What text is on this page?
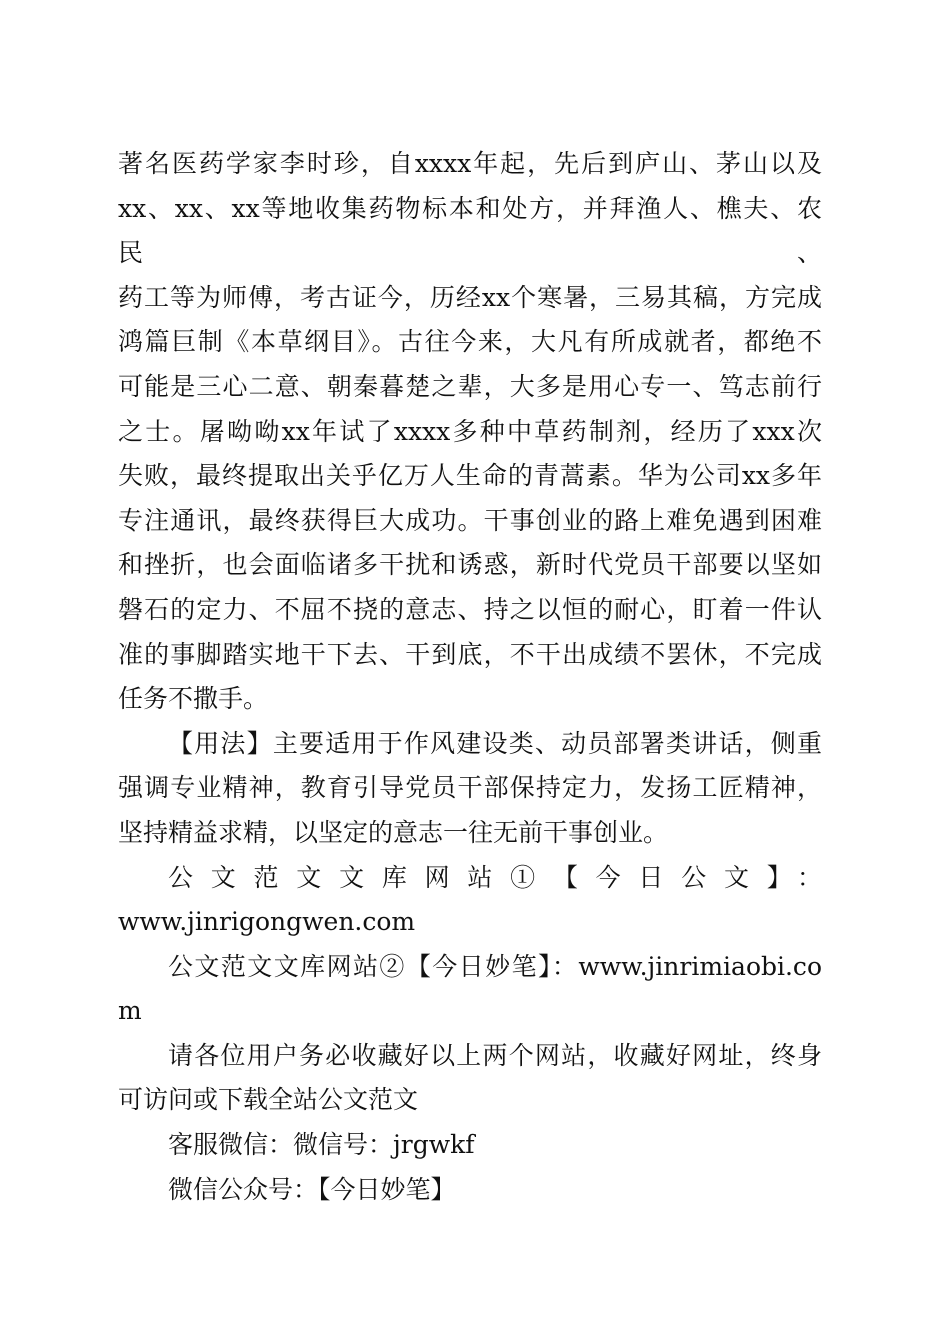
著名医药学家李时珍，自xxxx年起，先后到庐山、茅山以及
xx、xx、xx等地收集药物标本和处方，并拜渔人、樵夫、农民、
药工等为师傅，考古证今，历经xx个寒暑，三易其稿，方完成
鸿篇巨制《本草纲目》。古往今来，大凡有所成就者，都绝不
可能是三心二意、朝秦暮楚之辈，大多是用心专一、笃志前行
之士。屠呦呦xx年试了xxxx多种中草药制剂，经历了xxx次
失败，最终提取出关乎亿万人生命的青蒿素。华为公司xx多年
专注通讯，最终获得巨大成功。干事创业的路上难免遇到困难
和挫折，也会面临诸多干扰和诱惑，新时代党员干部要以坚如
磐石的定力、不屈不挠的意志、持之以恒的耐心，盯着一件认
准的事脚踏实地干下去、干到底，不干出成绩不罢休，不完成
任务不撒手。
【用法】主要适用于作风建设类、动员部署类讲话，侧重
强调专业精神，教育引导党员干部保持定力，发扬工匠精神，
坚持精益求精，以坚定的意志一往无前干事创业。
公文范文文库网站①【今日公文】：
www.jinrigongwen.com
公文范文文库网站②【今日妙笔】：www.jinrimiaobi.com
请各位用户务必收藏好以上两个网站，收藏好网址，终身
可访问或下载全站公文范文
客服微信：微信号：jrgwkf
微信公众号：【今日妙笔】
